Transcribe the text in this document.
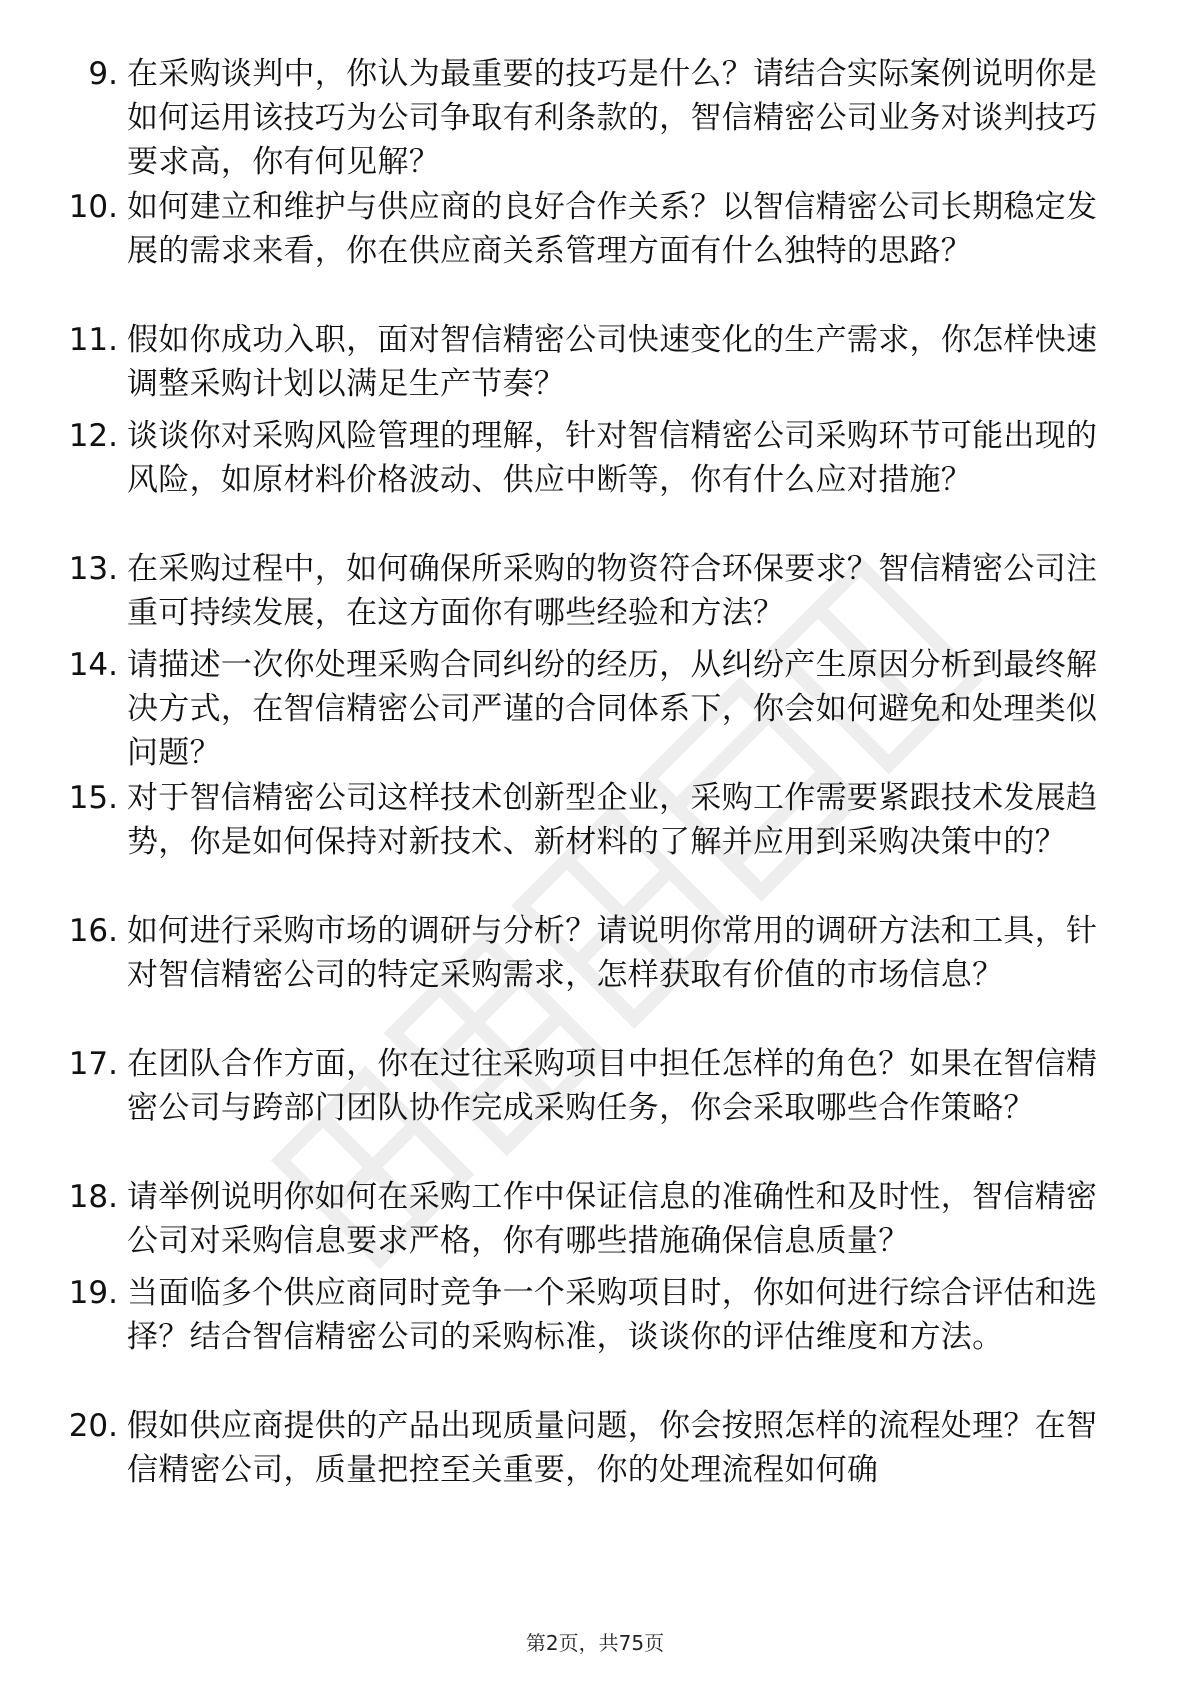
9. 在采购谈判中，你认为最重要的技巧是什么？请结合实际案例说明你是如何运用该技巧为公司争取有利条款的，智信精密公司业务对谈判技巧要求高，你有何见解？
10. 如何建立和维护与供应商的良好合作关系？以智信精密公司长期稳定发展的需求来看，你在供应商关系管理方面有什么独特的思路？
11. 假如你成功入职，面对智信精密公司快速变化的生产需求，你怎样快速调整采购计划以满足生产节奏？
12. 谈谈你对采购风险管理的理解，针对智信精密公司采购环节可能出现的风险，如原材料价格波动、供应中断等，你有什么应对措施？
13. 在采购过程中，如何确保所采购的物资符合环保要求？智信精密公司注重可持续发展，在这方面你有哪些经验和方法？
14. 请描述一次你处理采购合同纠纷的经历，从纠纷产生原因分析到最终解决方式，在智信精密公司严谨的合同体系下，你会如何避免和处理类似问题？
15. 对于智信精密公司这样技术创新型企业，采购工作需要紧跟技术发展趋势，你是如何保持对新技术、新材料的了解并应用到采购决策中的？
16. 如何进行采购市场的调研与分析？请说明你常用的调研方法和工具，针对智信精密公司的特定采购需求，怎样获取有价值的市场信息？
17. 在团队合作方面，你在过往采购项目中担任怎样的角色？如果在智信精密公司与跨部门团队协作完成采购任务，你会采取哪些合作策略？
18. 请举例说明你如何在采购工作中保证信息的准确性和及时性，智信精密公司对采购信息要求严格，你有哪些措施确保信息质量？
19. 当面临多个供应商同时竞争一个采购项目时，你如何进行综合评估和选择？结合智信精密公司的采购标准，谈谈你的评估维度和方法。
20. 假如供应商提供的产品出现质量问题，你会按照怎样的流程处理？在智信精密公司，质量把控至关重要，你的处理流程如何确
第2页，共75页
